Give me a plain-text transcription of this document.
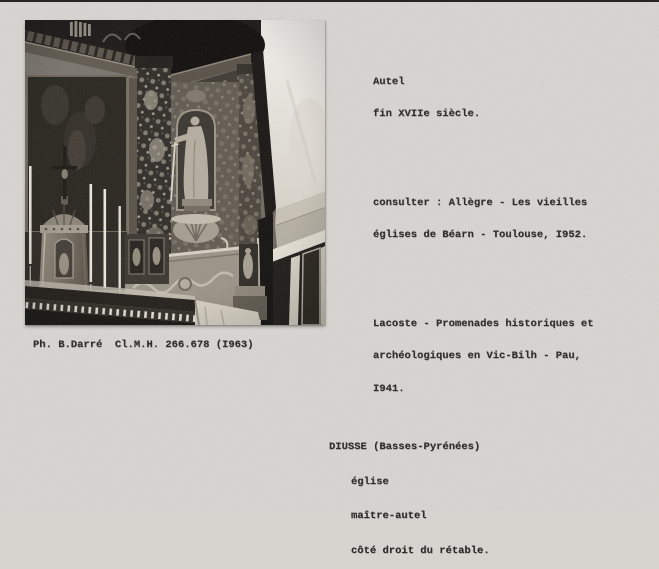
Autel

fin XVIIe siècle.

consulter : Allègre - Les vieilles

églises de Béarn - Toulouse, I952.

Lacoste - Promenades historiques et

archéologiques en Vic-Bilh - Pau,

I941.

Ph. B.Darré  Cl.M.H. 266.678 (I963)

DIUSSE (Basses-Pyrénées)

église

maître-autel

côté droit du rétable.
